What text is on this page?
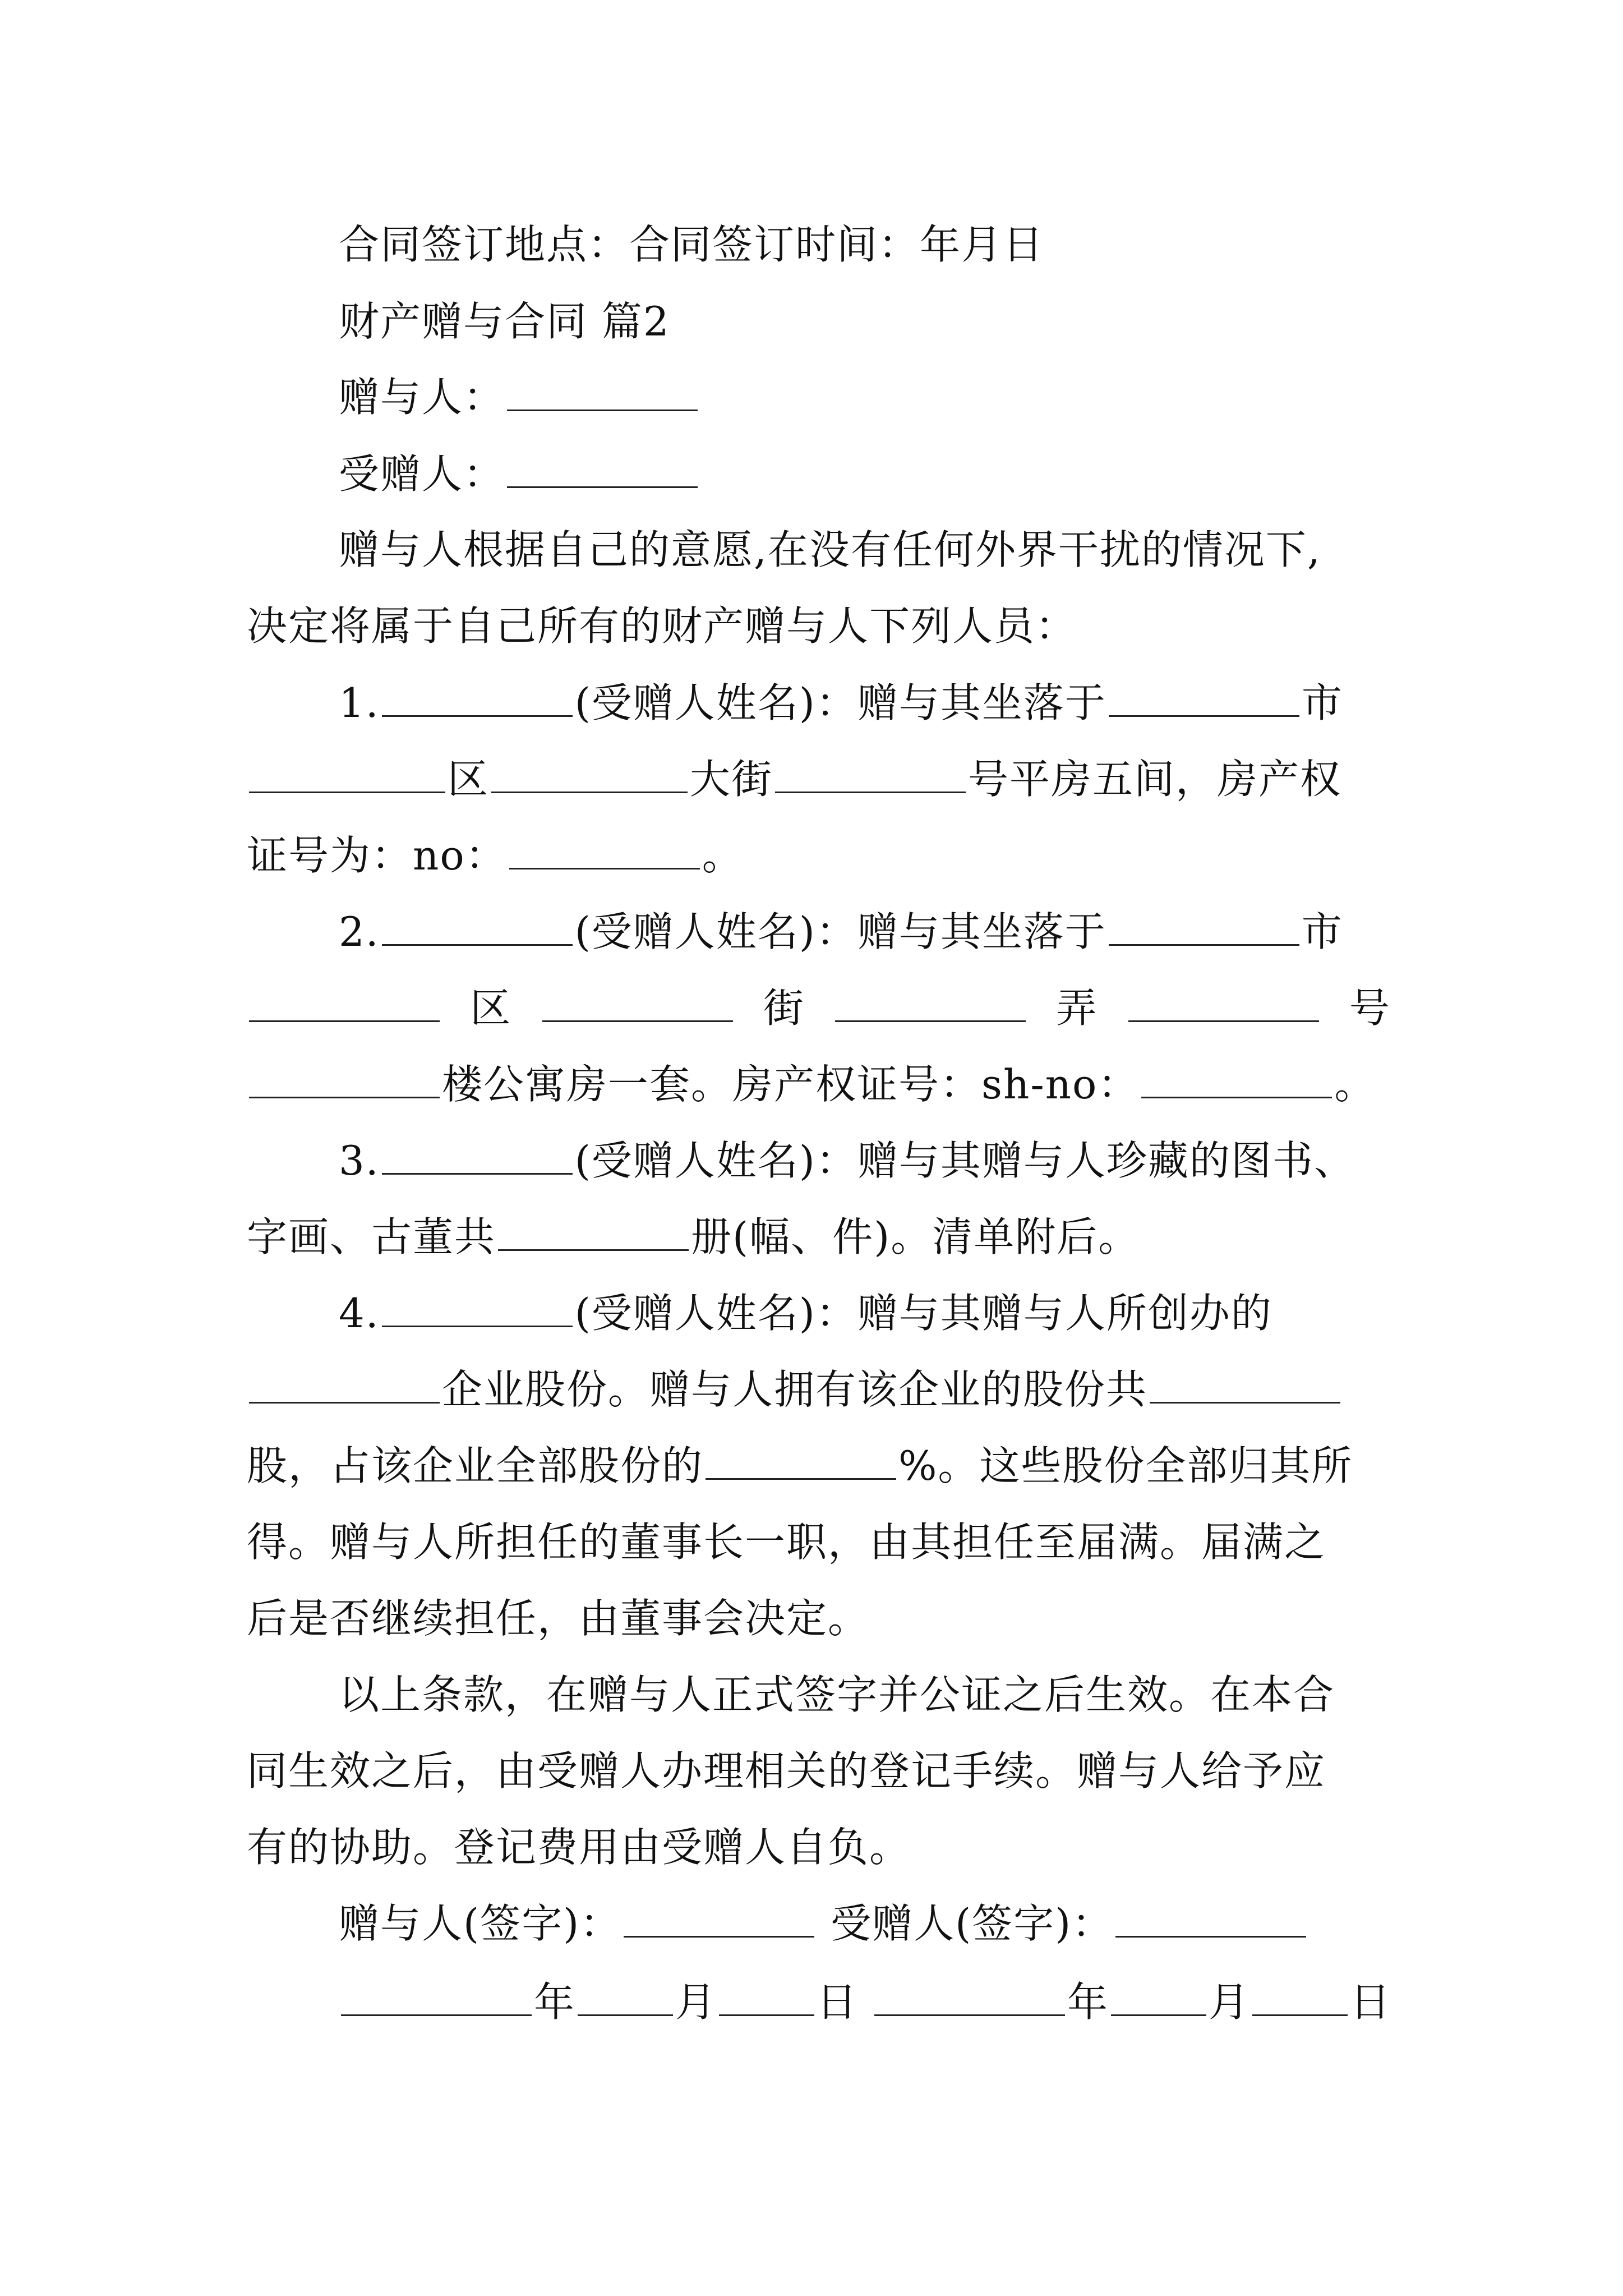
合同签订地点：合同签订时间：年月日
财产赠与合同 篇2
赠与人：
受赠人：
赠与人根据自己的意愿,在没有任何外界干扰的情况下,
决定将属于自己所有的财产赠与人下列人员：
1.	(受赠人姓名)：赠与其坐落于	市
区	大街	号平房五间，房产权
证号为：no：	。
2.	(受赠人姓名)：赠与其坐落于	市
区	街	弄	号
楼公寓房一套。房产权证号：sh-no：	。
3.	(受赠人姓名)：赠与其赠与人珍藏的图书、
字画、古董共	册(幅、件)。清单附后。
4.	(受赠人姓名)：赠与其赠与人所创办的
企业股份。赠与人拥有该企业的股份共
股，占该企业全部股份的	%。这些股份全部归其所
得。赠与人所担任的董事长一职，由其担任至届满。届满之
后是否继续担任，由董事会决定。
以上条款，在赠与人正式签字并公证之后生效。在本合
同生效之后，由受赠人办理相关的登记手续。赠与人给予应
有的协助。登记费用由受赠人自负。
赠与人(签字)：	受赠人(签字)：
年 月 日	年 月 日
